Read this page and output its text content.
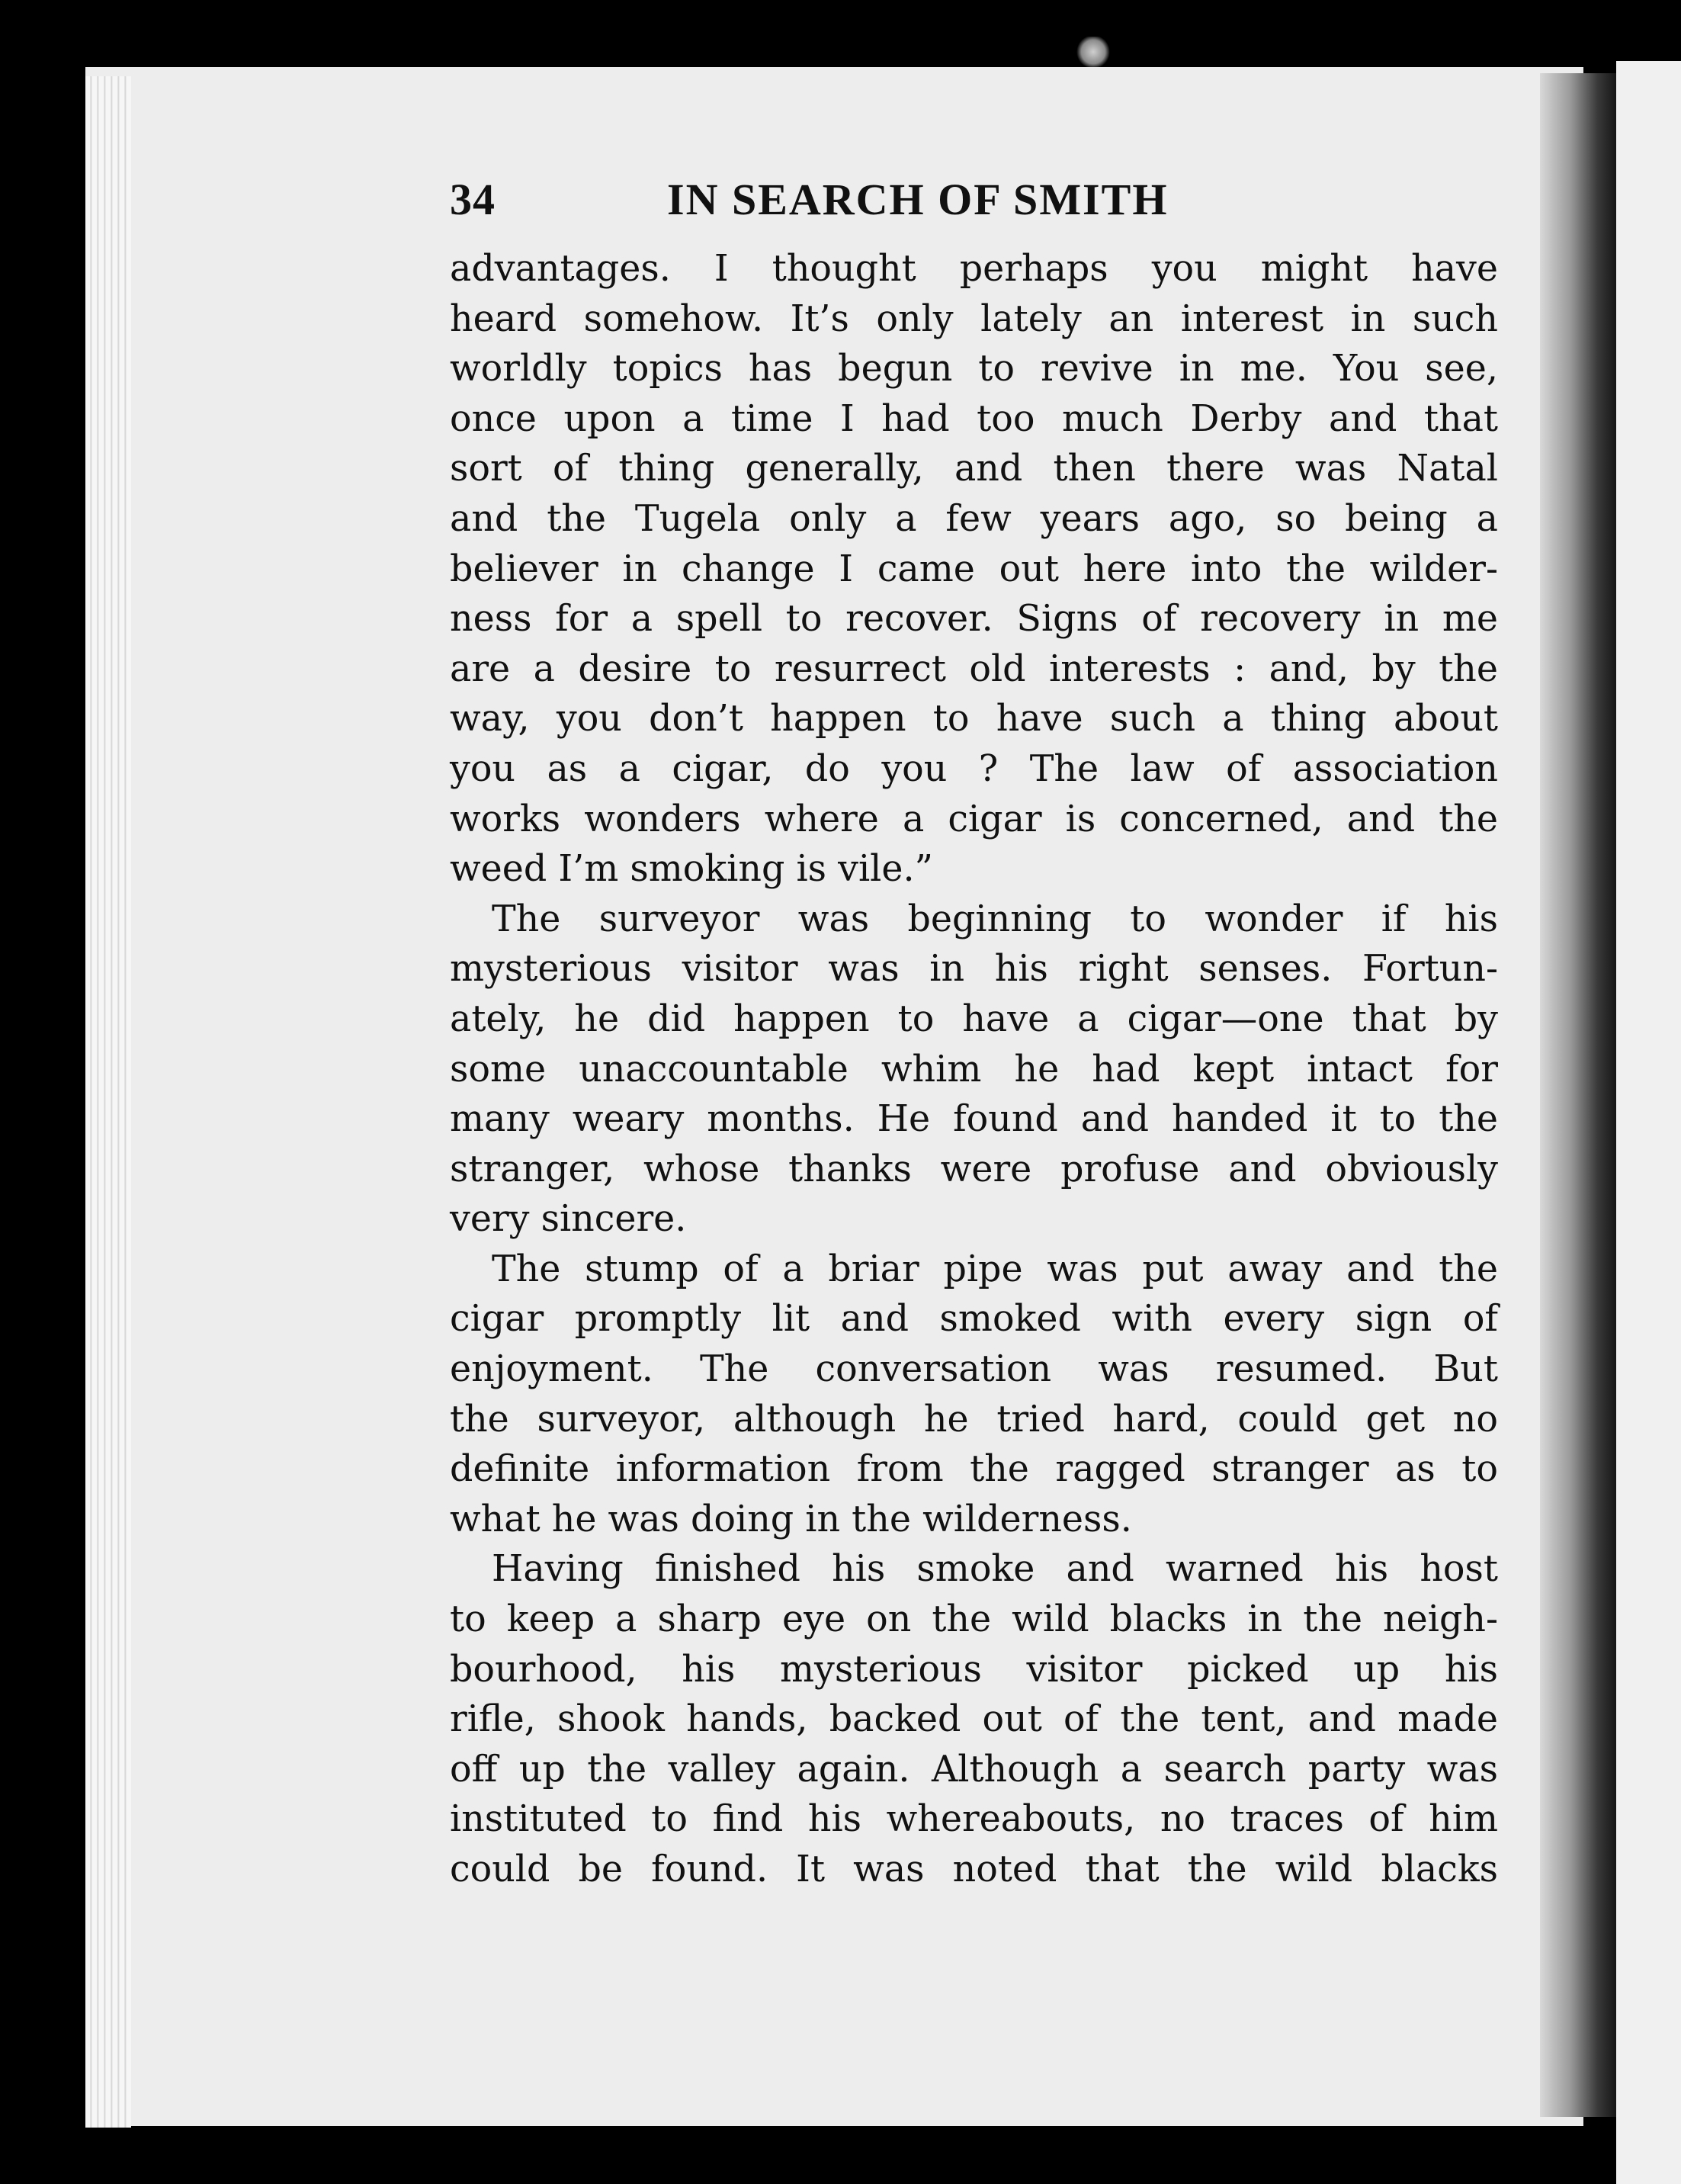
34	IN SEARCH OF SMITH

advantages. I thought perhaps you might have
heard somehow. It’s only lately an interest in such
worldly topics has begun to revive in me. You see,
once upon a time I had too much Derby and that
sort of thing generally, and then there was Natal
and the Tugela only a few years ago, so being a
believer in change I came out here into the wilder-
ness for a spell to recover. Signs of recovery in me
are a desire to resurrect old interests : and, by the
way, you don’t happen to have such a thing about
you as a cigar, do you ? The law of association
works wonders where a cigar is concerned, and the
weed I’m smoking is vile.”

The surveyor was beginning to wonder if his
mysterious visitor was in his right senses. Fortun-
ately, he did happen to have a cigar—one that by
some unaccountable whim he had kept intact for
many weary months. He found and handed it to the
stranger, whose thanks were profuse and obviously
very sincere.

The stump of a briar pipe was put away and the
cigar promptly lit and smoked with every sign of
enjoyment. The conversation was resumed. But
the surveyor, although he tried hard, could get no
definite information from the ragged stranger as to
what he was doing in the wilderness.

Having finished his smoke and warned his host
to keep a sharp eye on the wild blacks in the neigh-
bourhood, his mysterious visitor picked up his
rifle, shook hands, backed out of the tent, and made
off up the valley again. Although a search party was
instituted to find his whereabouts, no traces of him
could be found. It was noted that the wild blacks
